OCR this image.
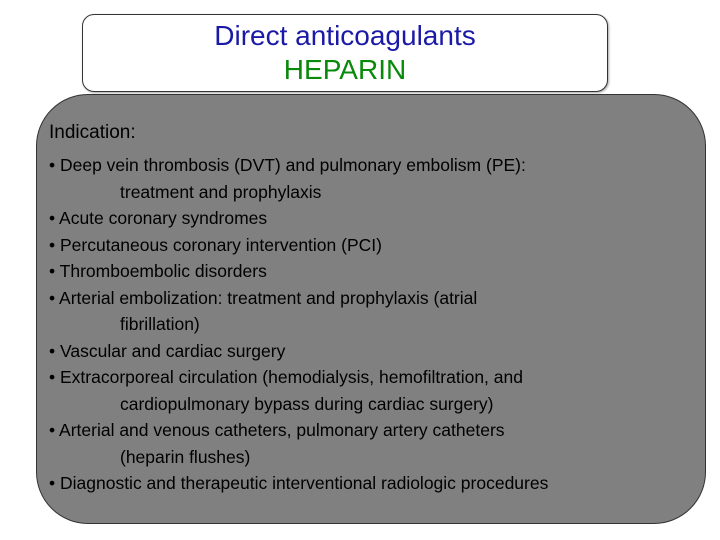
Direct anticoagulants
HEPARIN
Indication:
• Deep vein thrombosis (DVT) and pulmonary embolism (PE):
treatment and prophylaxis
• Acute coronary syndromes
• Percutaneous coronary intervention (PCI)
• Thromboembolic disorders
• Arterial embolization: treatment and prophylaxis (atrial
fibrillation)
• Vascular and cardiac surgery
• Extracorporeal circulation (hemodialysis, hemofiltration, and
cardiopulmonary bypass during cardiac surgery)
• Arterial and venous catheters, pulmonary artery catheters
(heparin flushes)
• Diagnostic and therapeutic interventional radiologic procedures
